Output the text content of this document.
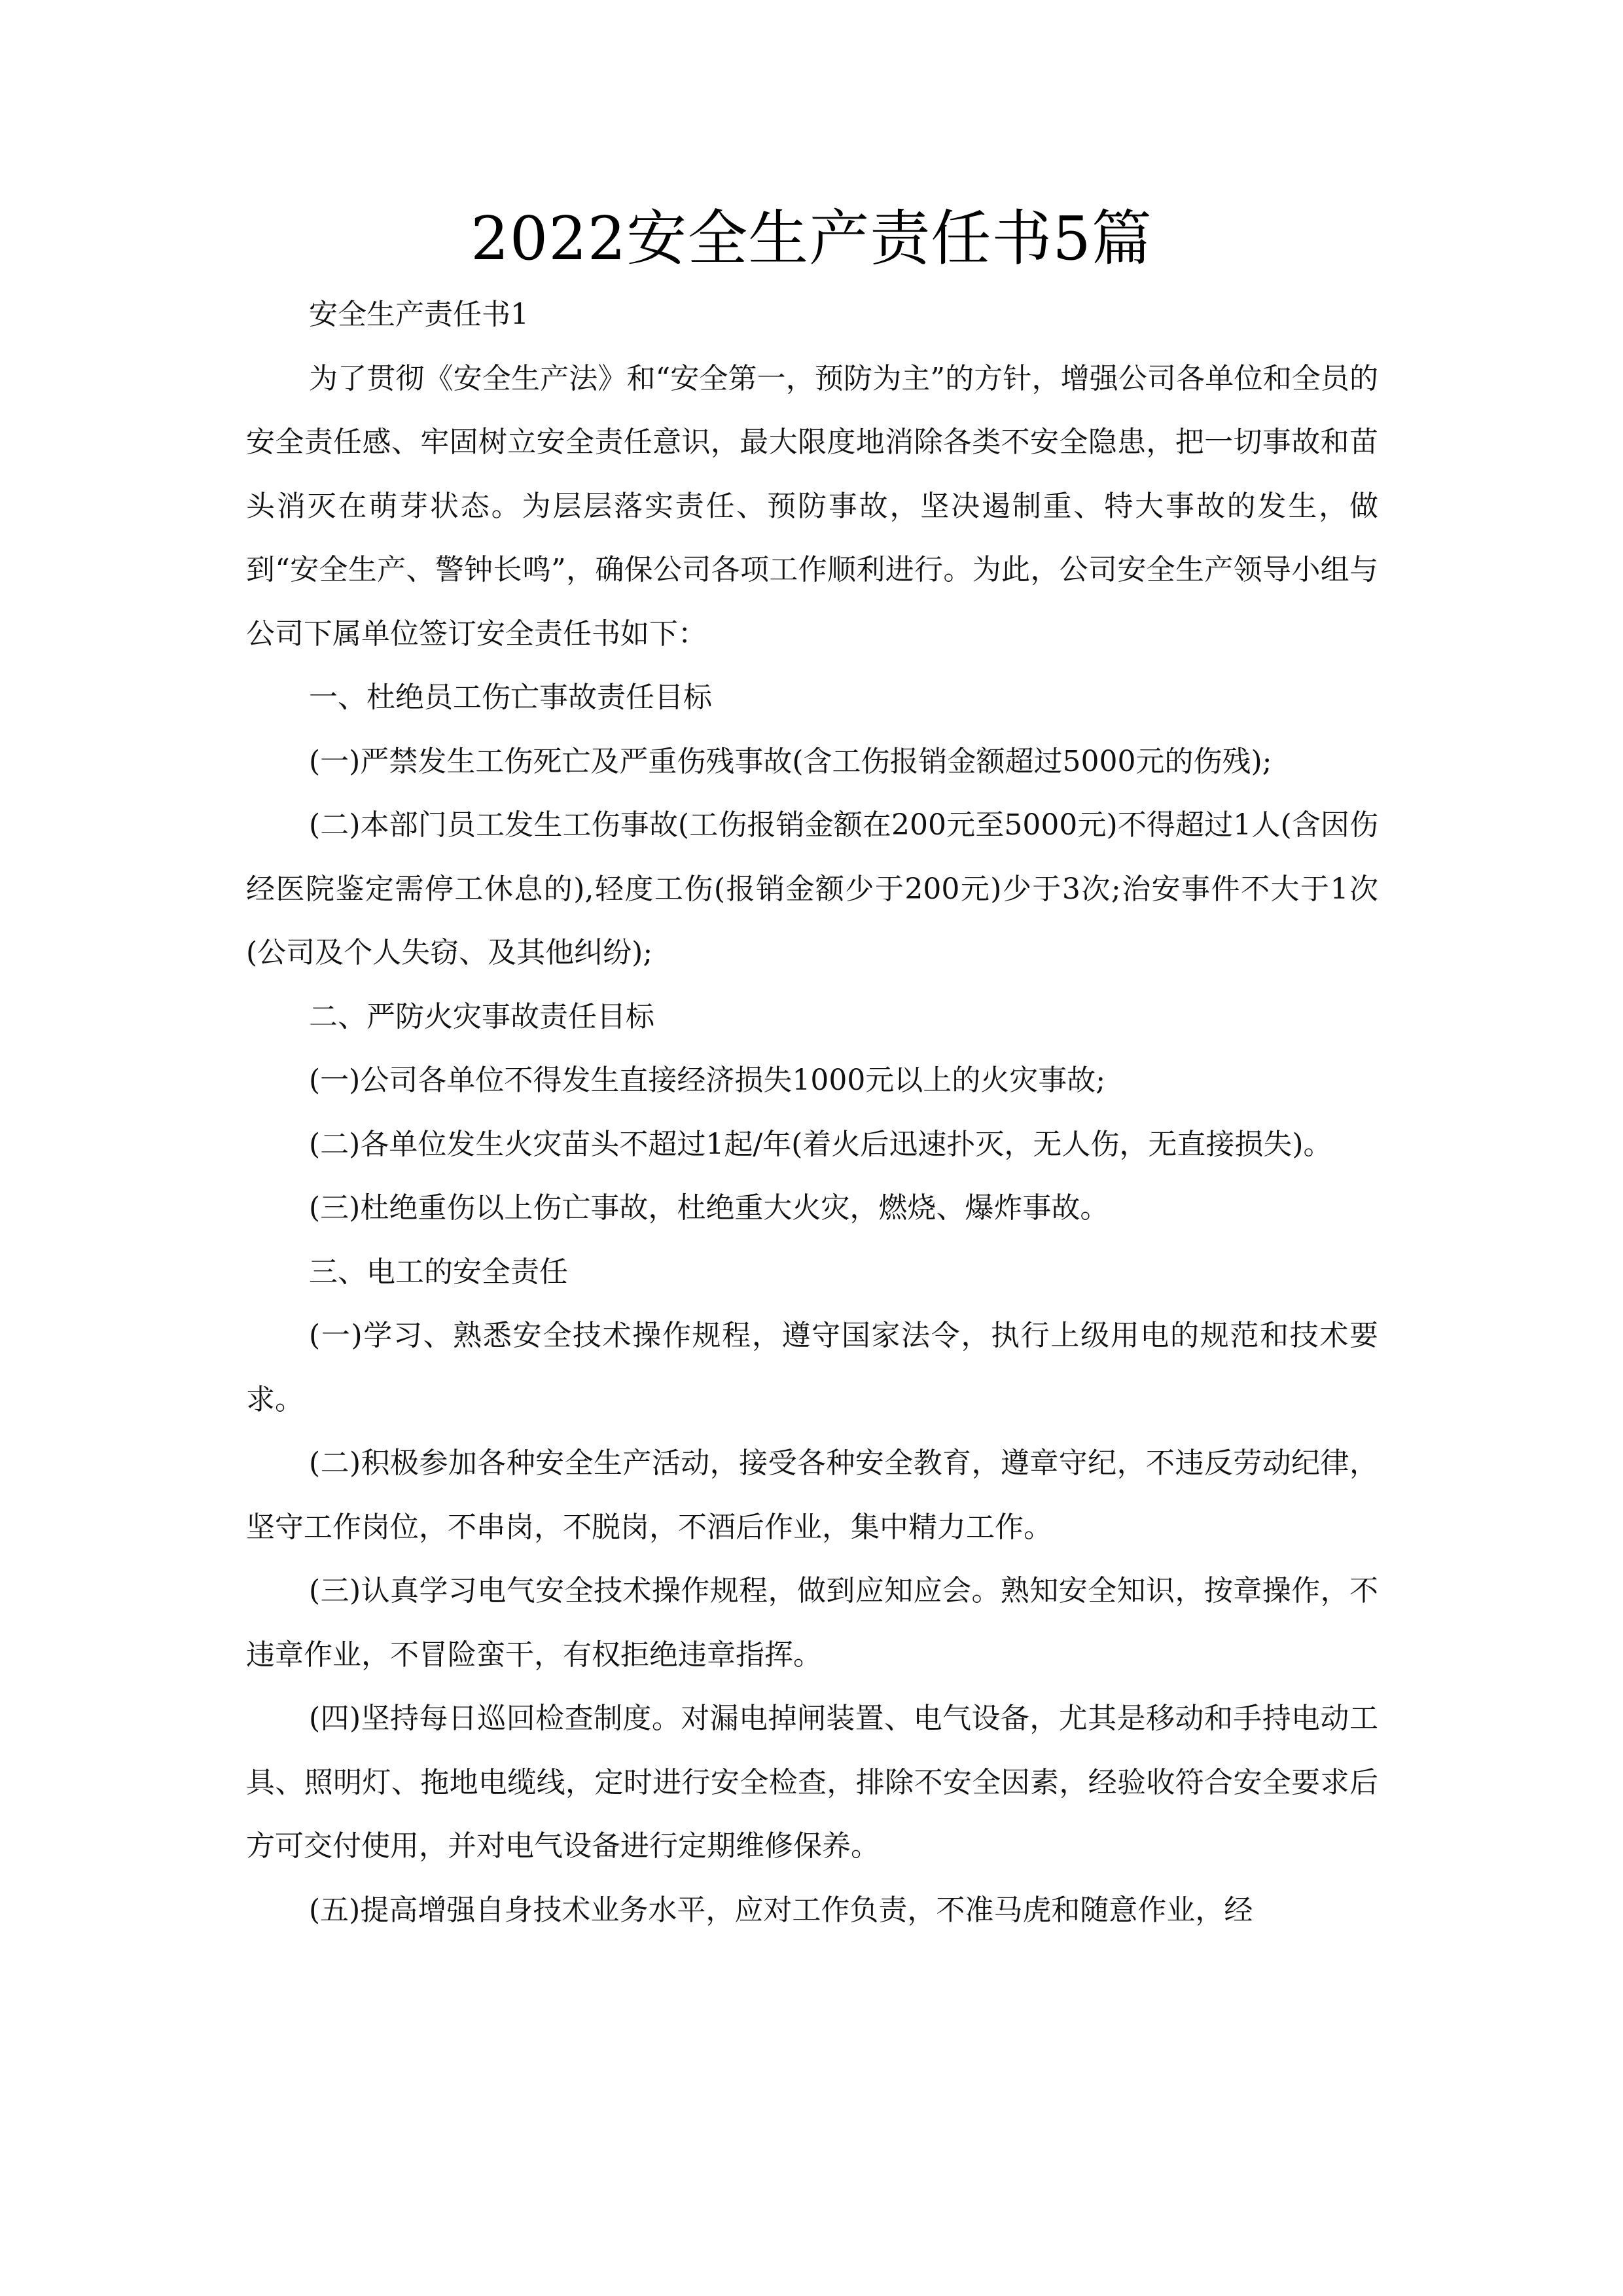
2022安全生产责任书5篇

安全生产责任书1

为了贯彻《安全生产法》和“安全第一，预防为主”的方针，增强公司各单位和全员的安全责任感、牢固树立安全责任意识，最大限度地消除各类不安全隐患，把一切事故和苗头消灭在萌芽状态。为层层落实责任、预防事故，坚决遏制重、特大事故的发生，做到“安全生产、警钟长鸣”，确保公司各项工作顺利进行。为此，公司安全生产领导小组与公司下属单位签订安全责任书如下：

一、杜绝员工伤亡事故责任目标

(一)严禁发生工伤死亡及严重伤残事故(含工伤报销金额超过5000元的伤残);

(二)本部门员工发生工伤事故(工伤报销金额在200元至5000元)不得超过1人(含因伤经医院鉴定需停工休息的),轻度工伤(报销金额少于200元)少于3次;治安事件不大于1次(公司及个人失窃、及其他纠纷);

二、严防火灾事故责任目标

(一)公司各单位不得发生直接经济损失1000元以上的火灾事故;

(二)各单位发生火灾苗头不超过1起/年(着火后迅速扑灭，无人伤，无直接损失)。

(三)杜绝重伤以上伤亡事故，杜绝重大火灾，燃烧、爆炸事故。

三、电工的安全责任

(一)学习、熟悉安全技术操作规程，遵守国家法令，执行上级用电的规范和技术要求。

(二)积极参加各种安全生产活动，接受各种安全教育，遵章守纪，不违反劳动纪律，坚守工作岗位，不串岗，不脱岗，不酒后作业，集中精力工作。

(三)认真学习电气安全技术操作规程，做到应知应会。熟知安全知识，按章操作，不违章作业，不冒险蛮干，有权拒绝违章指挥。

(四)坚持每日巡回检查制度。对漏电掉闸装置、电气设备，尤其是移动和手持电动工具、照明灯、拖地电缆线，定时进行安全检查，排除不安全因素，经验收符合安全要求后方可交付使用，并对电气设备进行定期维修保养。

(五)提高增强自身技术业务水平，应对工作负责，不准马虎和随意作业，经
